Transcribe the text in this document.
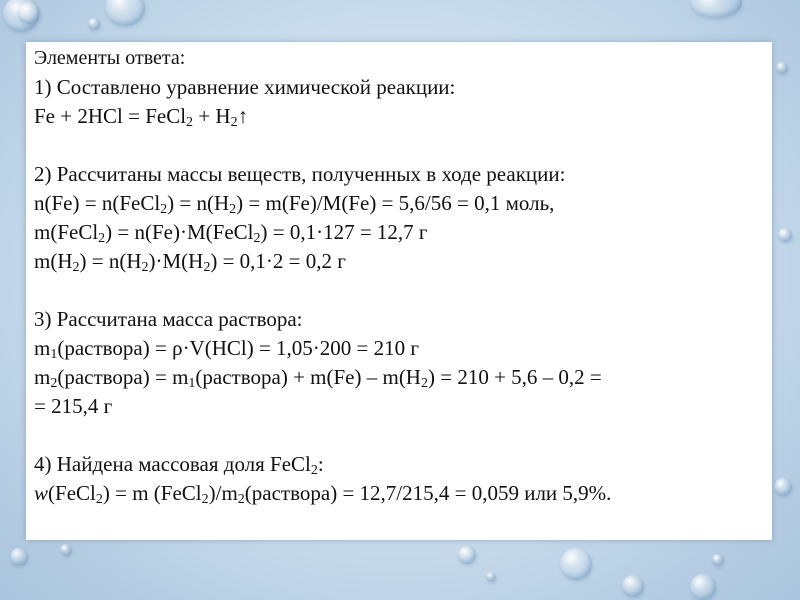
Элементы ответа:
1) Составлено уравнение химической реакции:
Fe + 2HCl = FeCl$_2$ + $H_2↑$
2) Рассчитаны массы веществ, полученных в ходе реакции:
n(Fe) = n(FeCl$_2$) = $n(H_2) = m(Fe)/M(Fe) = 5,6/56 = 0,1$ моль,
m(FeCl$_2$) = n(Fe)·M(FeCl$_2$) = 0,1·127 = 12,7 г
$m(H_2) = n(H_2)\cdot M(H_2) = 0,1\cdot 2 = 0,2$ г
3) Рассчитана масса раствора:
$m_1(раствора) = \rho\cdot V(HCl) = 1,05\cdot 200 = 210$ г
$m_2(раствора)$ = $m_1(раствора) + m(Fe) - m(H_2) = 210 + 5,6 - 0,2$ =
= 215,4 г
4) Найдена массовая доля FeCl$_2$:
w(FeCl$_2$) = m $(FeCl_2)/m_2(раствора) = 12,7/215,4 = 0,059$ или 5,9%.
